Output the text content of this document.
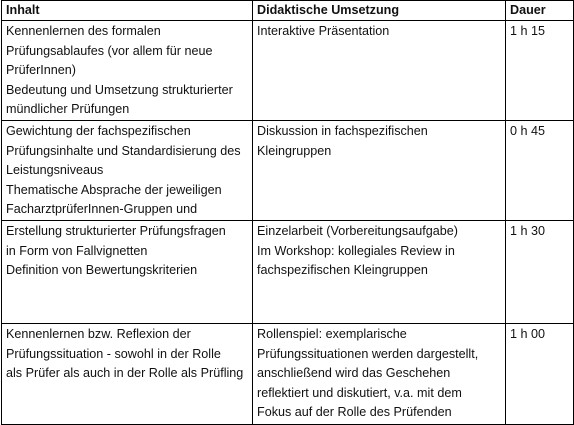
Inhalt	Didaktische Umsetzung	Dauer

Kennenlernen des formalen
Prüfungsablaufes (vor allem für neue
PrüferInnen)
Bedeutung und Umsetzung strukturierter
mündlicher Prüfungen	Interaktive Präsentation	1 h 15

Gewichtung der fachspezifischen
Prüfungsinhalte und Standardisierung des
Leistungsniveaus
Thematische Absprache der jeweiligen
FacharztprüferInnen-Gruppen und	Diskussion in fachspezifischen
Kleingruppen	0 h 45

Erstellung strukturierter Prüfungsfragen
in Form von Fallvignetten
Definition von Bewertungskriterien	Einzelarbeit (Vorbereitungsaufgabe)
Im Workshop: kollegiales Review in
fachspezifischen Kleingruppen	1 h 30

Kennenlernen bzw. Reflexion der
Prüfungssituation - sowohl in der Rolle
als Prüfer als auch in der Rolle als Prüfling	Rollenspiel: exemplarische
Prüfungssituationen werden dargestellt,
anschließend wird das Geschehen
reflektiert und diskutiert, v.a. mit dem
Fokus auf der Rolle des Prüfenden	1 h 00
